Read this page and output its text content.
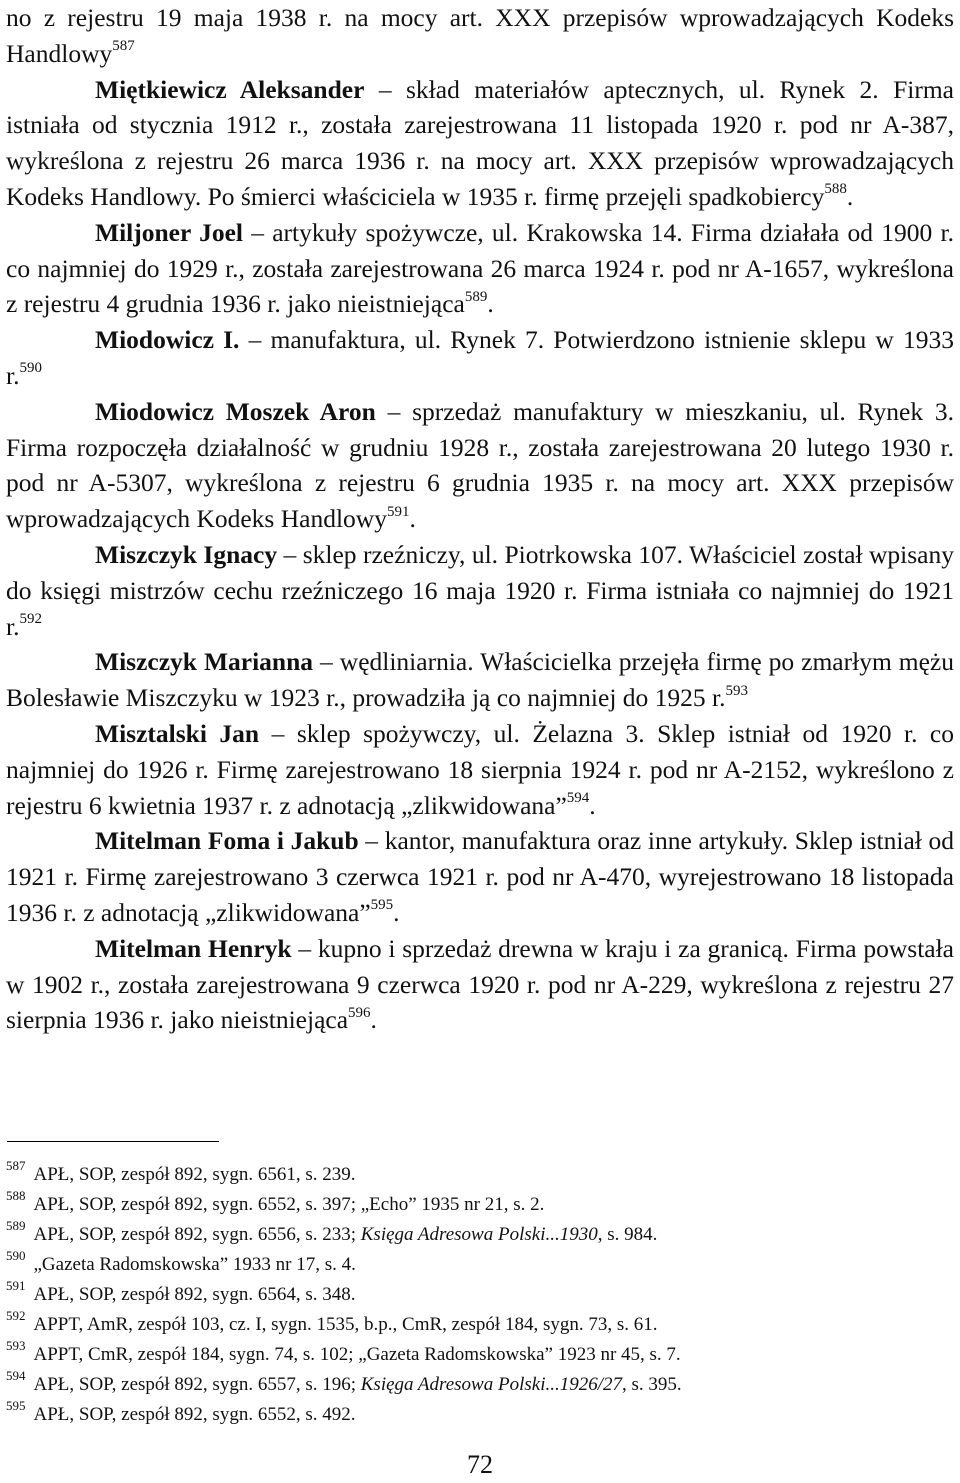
no z rejestru 19 maja 1938 r. na mocy art. XXX przepisów wprowadzających Kodeks Handlowy$^{587}$

Miętkiewicz Aleksander – skład materiałów aptecznych, ul. Rynek 2. Firma istniała od stycznia 1912 r., została zarejestrowana 11 listopada 1920 r. pod nr A-387, wykreślona z rejestru 26 marca 1936 r. na mocy art. XXX przepisów wprowadzających Kodeks Handlowy. Po śmierci właściciela w 1935 r. firmę przejęli spadkobiercy$^{588}$.

Miljoner Joel – artykuły spożywcze, ul. Krakowska 14. Firma działała od 1900 r. co najmniej do 1929 r., została zarejestrowana 26 marca 1924 r. pod nr A-1657, wykreślona z rejestru 4 grudnia 1936 r. jako nieistniejąca$^{589}$.

Miodowicz I. – manufaktura, ul. Rynek 7. Potwierdzono istnienie sklepu w 1933 r.$^{590}$

Miodowicz Moszek Aron – sprzedaż manufaktury w mieszkaniu, ul. Rynek 3. Firma rozpoczęła działalność w grudniu 1928 r., została zarejestrowana 20 lutego 1930 r. pod nr A-5307, wykreślona z rejestru 6 grudnia 1935 r. na mocy art. XXX przepisów wprowadzających Kodeks Handlowy$^{591}$.

Miszczyk Ignacy – sklep rzeźniczy, ul. Piotrkowska 107. Właściciel został wpisany do księgi mistrzów cechu rzeźniczego 16 maja 1920 r. Firma istniała co najmniej do 1921 r.$^{592}$

Miszczyk Marianna – wędliniarnia. Właścicielka przejęła firmę po zmarłym mężu Bolesławie Miszczyku w 1923 r., prowadziła ją co najmniej do 1925 r.$^{593}$

Misztalski Jan – sklep spożywczy, ul. Żelazna 3. Sklep istniał od 1920 r. co najmniej do 1926 r. Firmę zarejestrowano 18 sierpnia 1924 r. pod nr A-2152, wykreślono z rejestru 6 kwietnia 1937 r. z adnotacją „zlikwidowana”$^{594}$.

Mitelman Foma i Jakub – kantor, manufaktura oraz inne artykuły. Sklep istniał od 1921 r. Firmę zarejestrowano 3 czerwca 1921 r. pod nr A-470, wyrejestrowano 18 listopada 1936 r. z adnotacją „zlikwidowana”$^{595}$.

Mitelman Henryk – kupno i sprzedaż drewna w kraju i za granicą. Firma powstała w 1902 r., została zarejestrowana 9 czerwca 1920 r. pod nr A-229, wykreślona z rejestru 27 sierpnia 1936 r. jako nieistniejąca$^{596}$.

$^{587}$ APŁ, SOP, zespół 892, sygn. 6561, s. 239.

$^{588}$ APŁ, SOP, zespół 892, sygn. 6552, s. 397; „Echo” 1935 nr 21, s. 2.

$^{589}$ APŁ, SOP, zespół 892, sygn. 6556, s. 233; Księga Adresowa Polski...1930, s. 984.

$^{590}$ „Gazeta Radomskowska” 1933 nr 17, s. 4.

$^{591}$ APŁ, SOP, zespół 892, sygn. 6564, s. 348.

$^{592}$ APPT, AmR, zespół 103, cz. I, sygn. 1535, b.p., CmR, zespół 184, sygn. 73, s. 61.

$^{593}$ APPT, CmR, zespół 184, sygn. 74, s. 102; „Gazeta Radomskowska” 1923 nr 45, s. 7.

$^{594}$ APŁ, SOP, zespół 892, sygn. 6557, s. 196; Księga Adresowa Polski...1926/27, s. 395.

$^{595}$ APŁ, SOP, zespół 892, sygn. 6552, s. 492.

72
